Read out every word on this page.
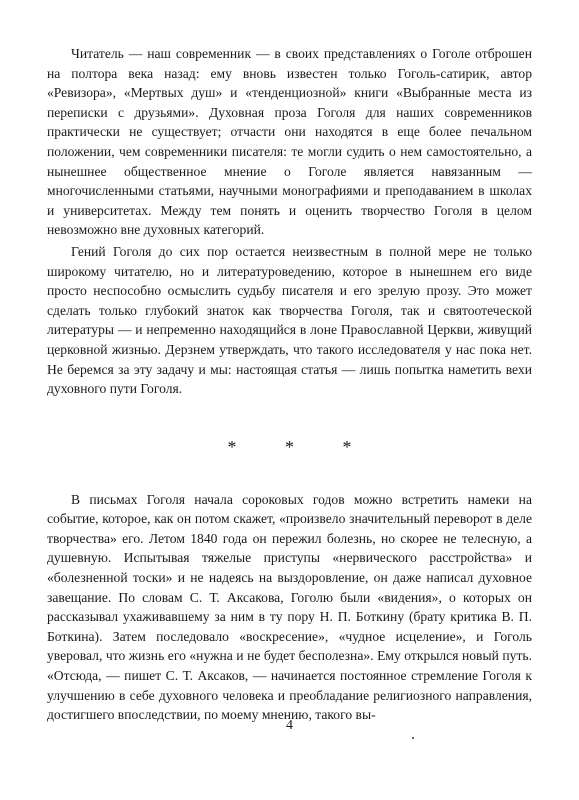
Читатель — наш современник — в своих представлениях о Гоголе отброшен на полтора века назад: ему вновь известен только Гоголь-сатирик, автор «Ревизора», «Мертвых душ» и «тенденциозной» книги «Выбранные места из переписки с друзьями». Духовная проза Гоголя для наших современников практически не существует; отчасти они находятся в еще более печальном положении, чем современники писателя: те могли судить о нем самостоятельно, а нынешнее общественное мнение о Гоголе является навязанным — многочисленными статьями, научными монографиями и преподаванием в школах и университетах. Между тем понять и оценить творчество Гоголя в целом невозможно вне духовных категорий.

Гений Гоголя до сих пор остается неизвестным в полной мере не только широкому читателю, но и литературоведению, которое в нынешнем его виде просто неспособно осмыслить судьбу писателя и его зрелую прозу. Это может сделать только глубокий знаток как творчества Гоголя, так и святоотеческой литературы — и непременно находящийся в лоне Православной Церкви, живущий церковной жизнью. Дерзнем утверждать, что такого исследователя у нас пока нет. Не беремся за эту задачу и мы: настоящая статья — лишь попытка наметить вехи духовного пути Гоголя.

* * *

В письмах Гоголя начала сороковых годов можно встретить намеки на событие, которое, как он потом скажет, «произвело значительный переворот в деле творчества» его. Летом 1840 года он пережил болезнь, но скорее не телесную, а душевную. Испытывая тяжелые приступы «нервического расстройства» и «болезненной тоски» и не надеясь на выздоровление, он даже написал духовное завещание. По словам С. Т. Аксакова, Гоголю были «видения», о которых он рассказывал ухаживавшему за ним в ту пору Н. П. Боткину (брату критика В. П. Боткина). Затем последовало «воскресение», «чудное исцеление», и Гоголь уверовал, что жизнь его «нужна и не будет бесполезна». Ему открылся новый путь. «Отсюда, — пишет С. Т. Аксаков, — начинается постоянное стремление Гоголя к улучшению в себе духовного человека и преобладание религиозного направления, достигшего впоследствии, по моему мнению, такого вы-

4
